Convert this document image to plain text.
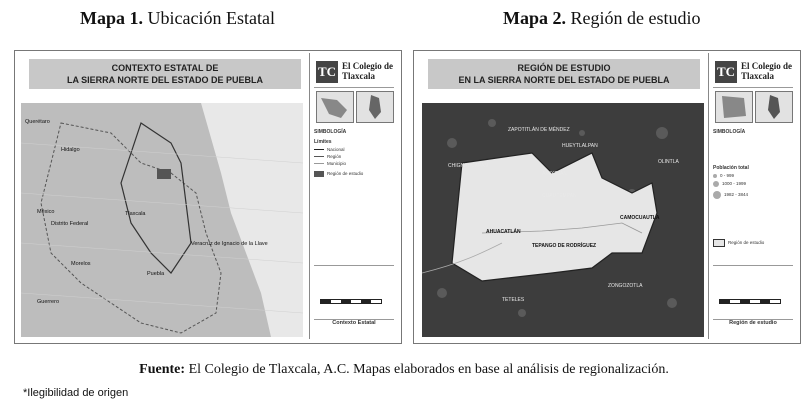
Mapa 1. Ubicación Estatal	Mapa 2. Región de estudio
CONTEXTO ESTATAL DE
LA SIERRA NORTE DEL ESTADO DE PUEBLA
Querétaro
Hidalgo
Veracruz de Ignacio de la Llave
Tlaxcala
México
Distrito Federal
Morelos
Puebla
Guerrero
TC El Colegio de Tlaxcala
SIMBOLOGÍA
Límites
Nacional
Región
Municipio
Región de estudio
Contexto Estatal
REGIÓN DE ESTUDIO
EN LA SIERRA NORTE DEL ESTADO DE PUEBLA
AHUACATLÁN
TEPANGO DE RODRÍGUEZ
CAMOCUAUTLA
ZAPOTITLÁN DE MÉNDEZ
HUEYTLALPAN
OLINTLA
AMIXTLÁN
CUAUTEMPAN
ZONGOZOTLA
TETELES
CHIGNAHUAPAN
TC El Colegio de Tlaxcala
SIMBOLOGÍA
Población total
0 - 999
1000 - 1999
1982 - 3844
Región de estudio
Región de estudio
Fuente: El Colegio de Tlaxcala, A.C. Mapas elaborados en base al análisis de regionalización.
*Ilegibilidad de origen
